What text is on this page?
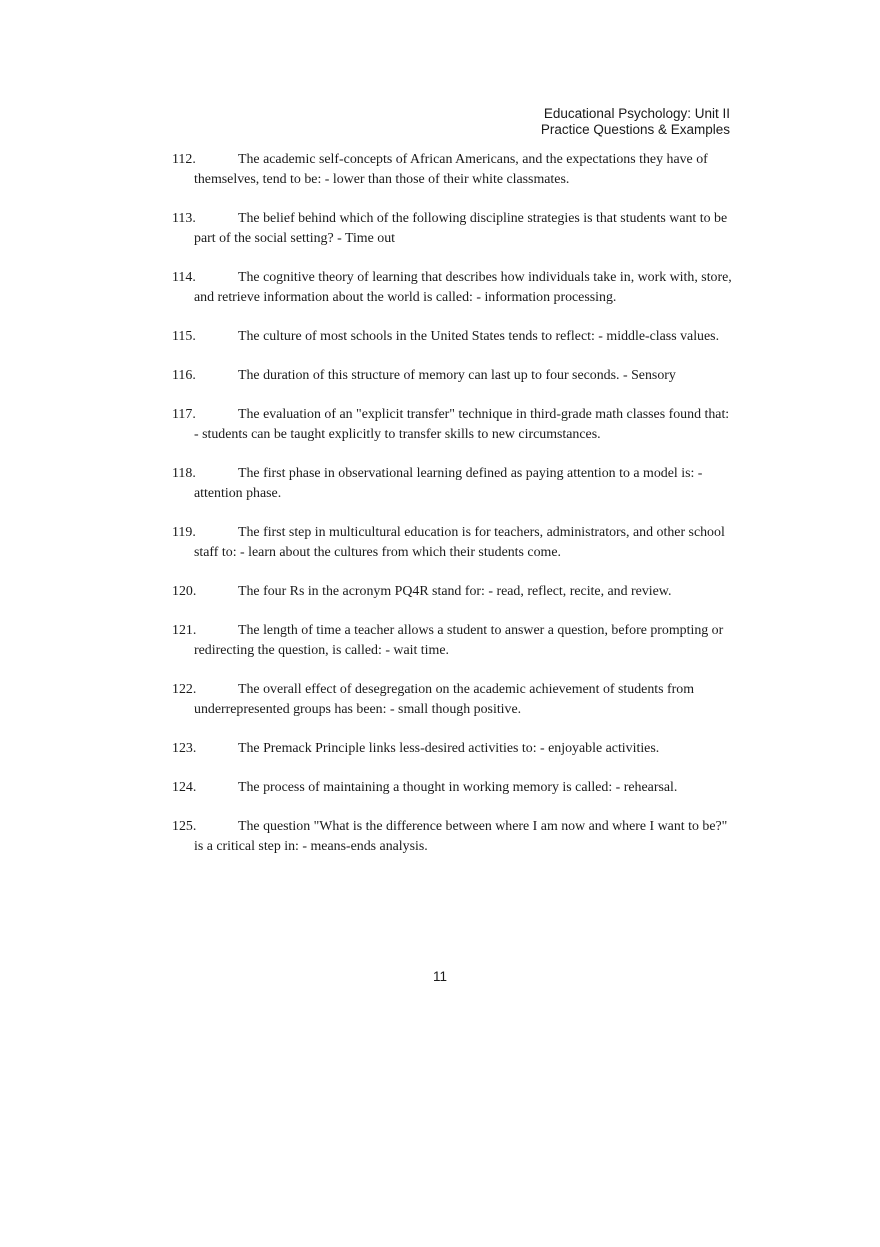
Educational Psychology: Unit II
Practice Questions & Examples

112.	The academic self-concepts of African Americans, and the expectations they have of themselves, tend to be: - lower than those of their white classmates.

113.	The belief behind which of the following discipline strategies is that students want to be part of the social setting? - Time out

114.	The cognitive theory of learning that describes how individuals take in, work with, store, and retrieve information about the world is called: - information processing.

115.	The culture of most schools in the United States tends to reflect: - middle-class values.

116.	The duration of this structure of memory can last up to four seconds. - Sensory

117.	The evaluation of an "explicit transfer" technique in third-grade math classes found that: - students can be taught explicitly to transfer skills to new circumstances.

118.	The first phase in observational learning defined as paying attention to a model is: - attention phase.

119.	The first step in multicultural education is for teachers, administrators, and other school staff to: - learn about the cultures from which their students come.

120.	The four Rs in the acronym PQ4R stand for: - read, reflect, recite, and review.

121.	The length of time a teacher allows a student to answer a question, before prompting or redirecting the question, is called: - wait time.

122.	The overall effect of desegregation on the academic achievement of students from underrepresented groups has been: - small though positive.

123.	The Premack Principle links less-desired activities to: - enjoyable activities.

124.	The process of maintaining a thought in working memory is called: - rehearsal.

125.	The question "What is the difference between where I am now and where I want to be?" is a critical step in: - means-ends analysis.

11
